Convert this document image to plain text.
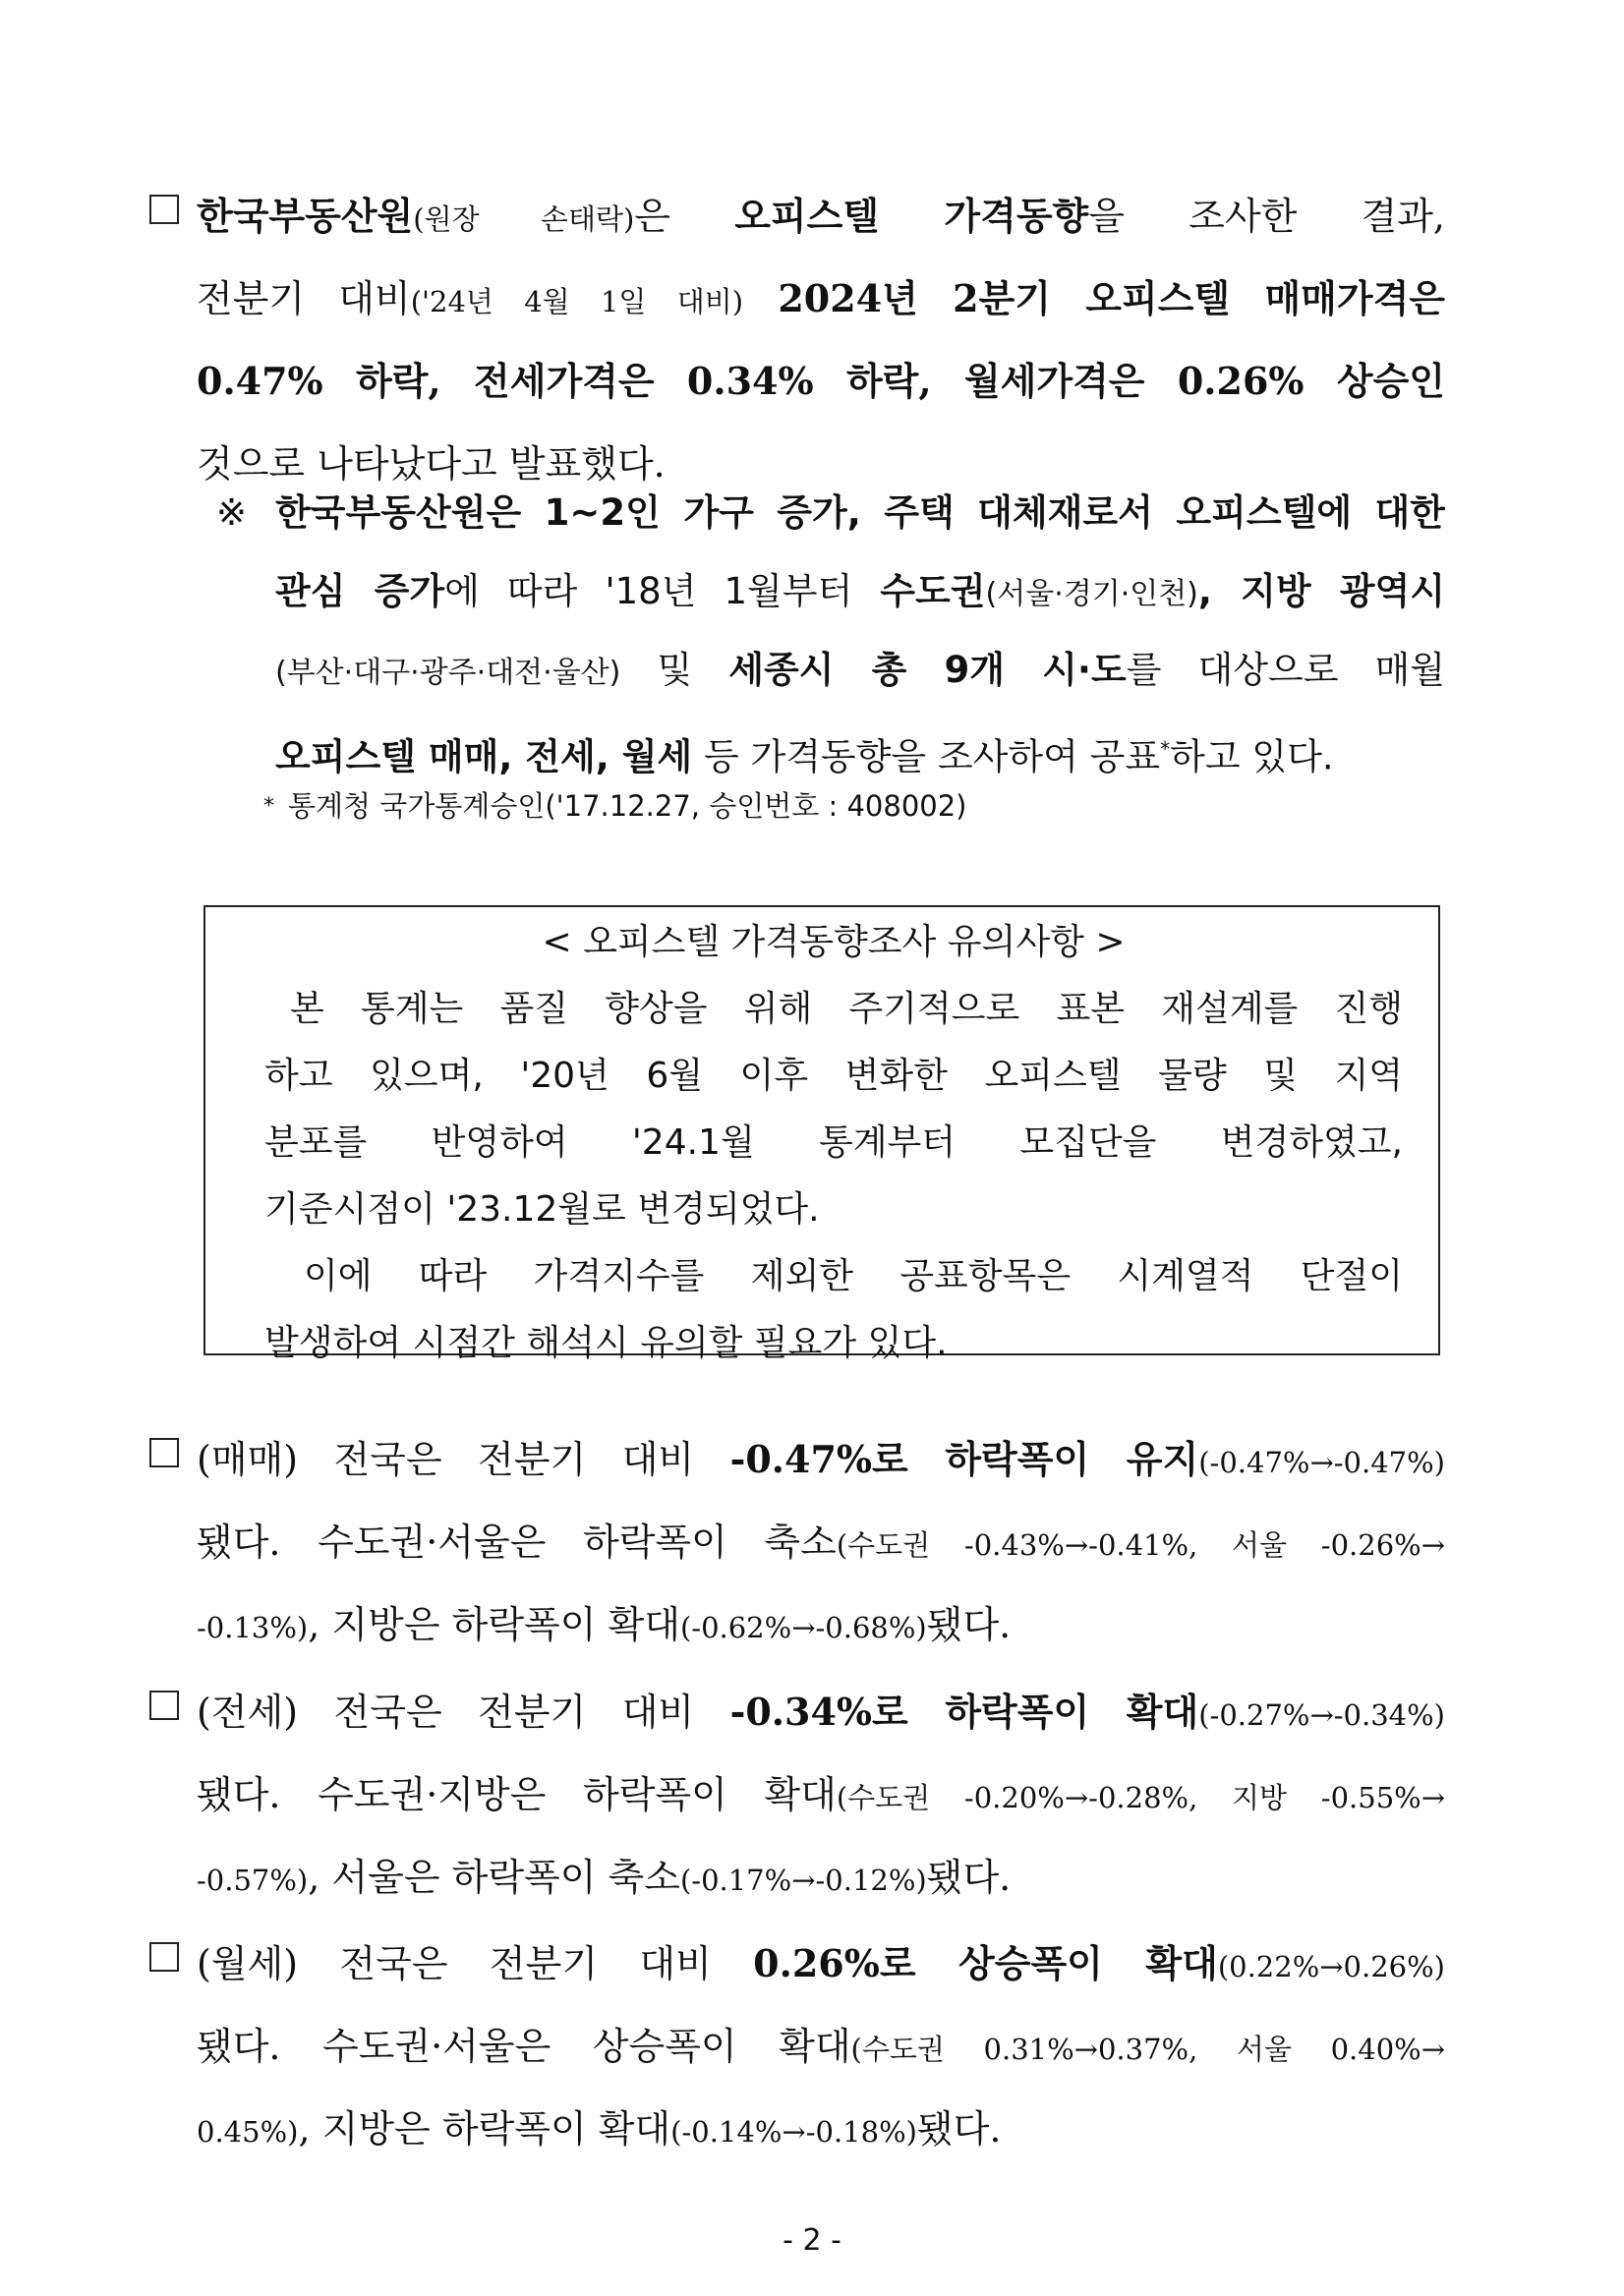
한국부동산원(원장 손태락)은 오피스텔 가격동향을 조사한 결과,
전분기 대비('24년 4월 1일 대비) 2024년 2분기 오피스텔 매매가격은
0.47% 하락, 전세가격은 0.34% 하락, 월세가격은 0.26% 상승인
것으로 나타났다고 발표했다.
※ 한국부동산원은 1~2인 가구 증가, 주택 대체재로서 오피스텔에 대한
관심 증가에 따라 '18년 1월부터 수도권(서울·경기·인천), 지방 광역시
(부산·대구·광주·대전·울산) 및 세종시 총 9개 시·도를 대상으로 매월
오피스텔 매매, 전세, 월세 등 가격동향을 조사하여 공표*하고 있다.
* 통계청 국가통계승인('17.12.27, 승인번호 : 408002)
< 오피스텔 가격동향조사 유의사항 >
본 통계는 품질 향상을 위해 주기적으로 표본 재설계를 진행
하고 있으며, '20년 6월 이후 변화한 오피스텔 물량 및 지역
분포를 반영하여 '24.1월 통계부터 모집단을 변경하였고,
기준시점이 '23.12월로 변경되었다.
이에 따라 가격지수를 제외한 공표항목은 시계열적 단절이
발생하여 시점간 해석시 유의할 필요가 있다.
(매매) 전국은 전분기 대비 -0.47%로 하락폭이 유지(-0.47%→-0.47%)
됐다. 수도권·서울은 하락폭이 축소(수도권 -0.43%→-0.41%, 서울 -0.26%→
-0.13%), 지방은 하락폭이 확대(-0.62%→-0.68%)됐다.
(전세) 전국은 전분기 대비 -0.34%로 하락폭이 확대(-0.27%→-0.34%)
됐다. 수도권·지방은 하락폭이 확대(수도권 -0.20%→-0.28%, 지방 -0.55%→
-0.57%), 서울은 하락폭이 축소(-0.17%→-0.12%)됐다.
(월세) 전국은 전분기 대비 0.26%로 상승폭이 확대(0.22%→0.26%)
됐다. 수도권·서울은 상승폭이 확대(수도권 0.31%→0.37%, 서울 0.40%→
0.45%), 지방은 하락폭이 확대(-0.14%→-0.18%)됐다.
- 2 -
